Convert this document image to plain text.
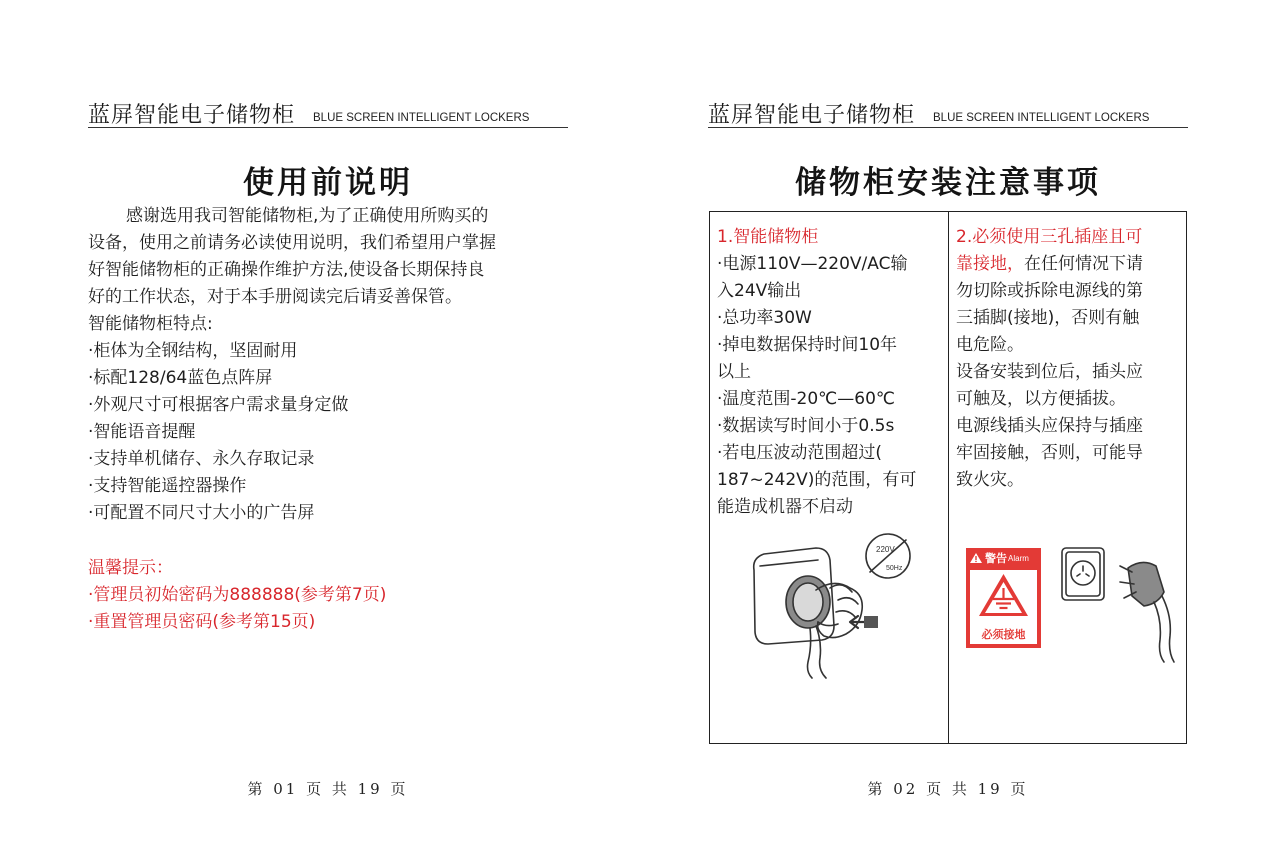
蓝屏智能电子储物柜 BLUE SCREEN INTELLIGENT LOCKERS
使用前说明

感谢选用我司智能储物柜,为了正确使用所购买的

设备，使用之前请务必读使用说明，我们希望用户掌握

好智能储物柜的正确操作维护方法,使设备长期保持良

好的工作状态，对于本手册阅读完后请妥善保管。

智能储物柜特点:

·柜体为全钢结构，坚固耐用

·标配128/64蓝色点阵屏

·外观尺寸可根据客户需求量身定做

·智能语音提醒

·支持单机储存、永久存取记录

·支持智能遥控器操作

·可配置不同尺寸大小的广告屏

温馨提示：

·管理员初始密码为888888(参考第7页)

·重置管理员密码(参考第15页)

第 01 页 共 19 页
蓝屏智能电子储物柜 BLUE SCREEN INTELLIGENT LOCKERS
储物柜安装注意事项

1.智能储物柜

·电源110V—220V/AC输

入24V输出

·总功率30W

·掉电数据保持时间10年

以上

·温度范围-20℃—60℃

·数据读写时间小于0.5s

·若电压波动范围超过(

187~242V)的范围，有可

能造成机器不启动

2.必须使用三孔插座且可

靠接地，在任何情况下请

勿切除或拆除电源线的第

三插脚(接地)，否则有触

电危险。

设备安装到位后，插头应

可触及，以方便插拔。

电源线插头应保持与插座

牢固接触，否则，可能导

致火灾。

220V
50Hz
警告 Alarm
必须接地
第 02 页 共 19 页
